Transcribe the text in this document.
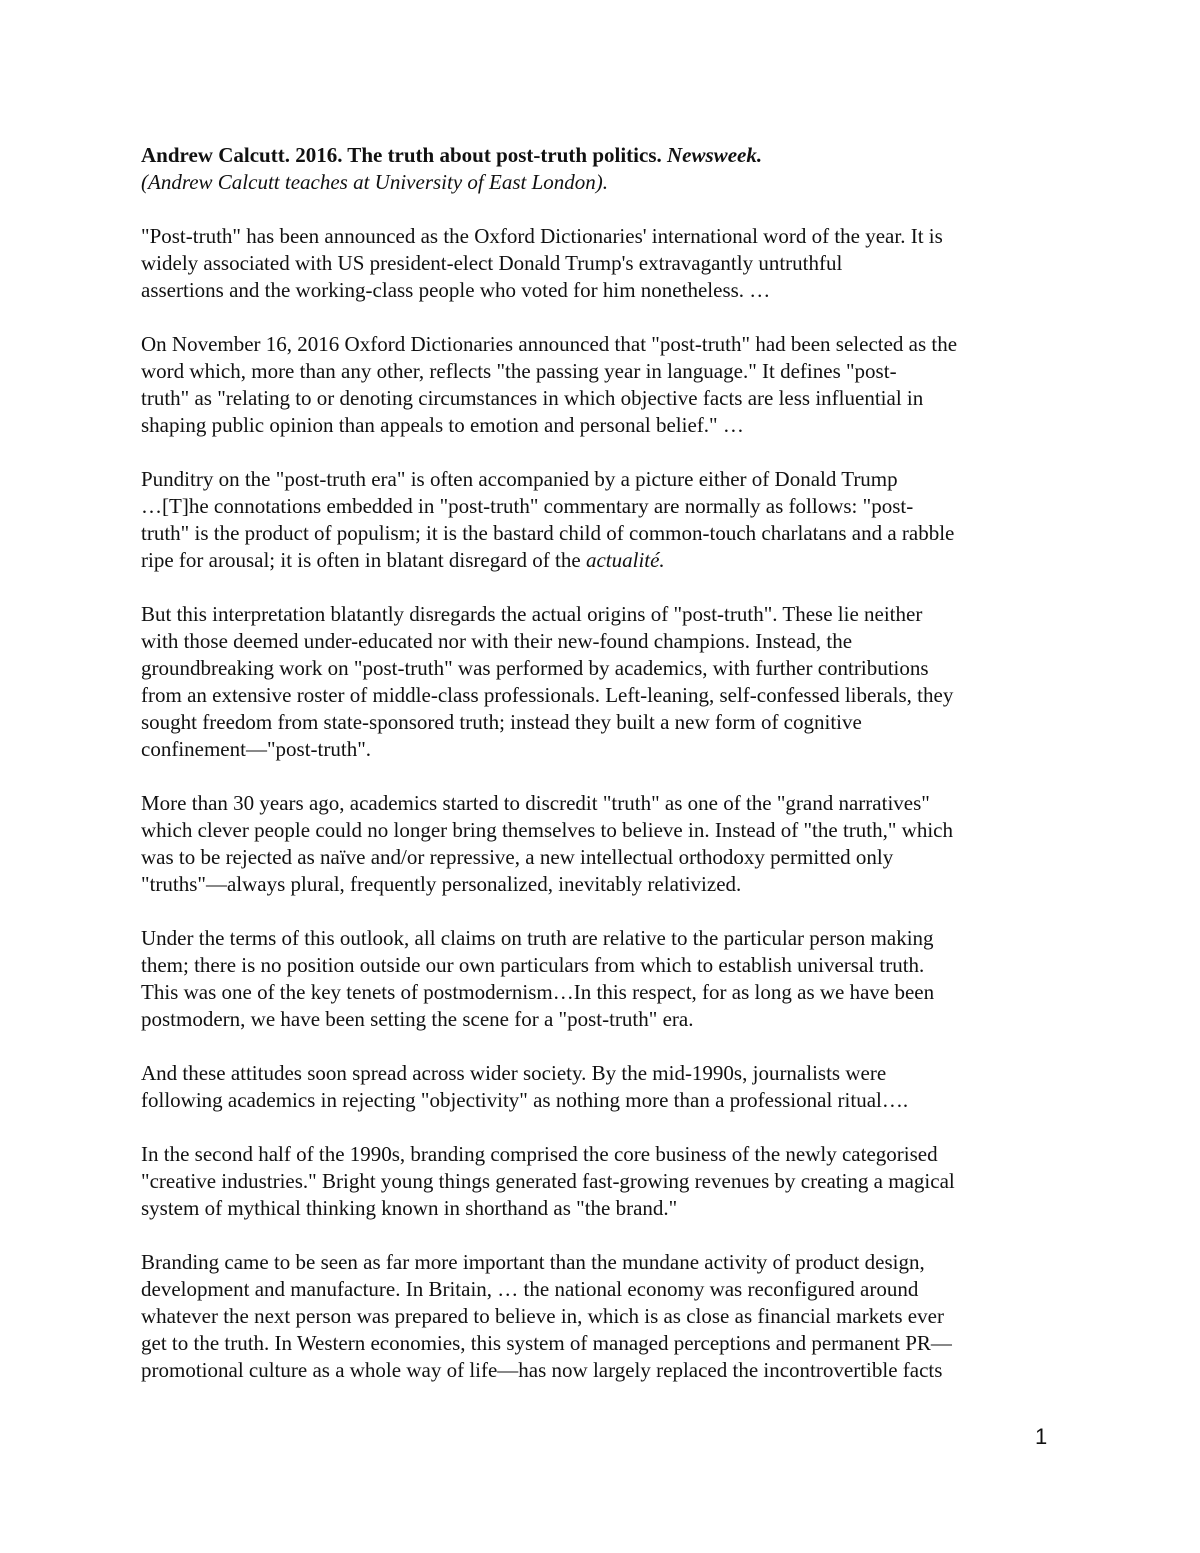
Andrew Calcutt. 2016. The truth about post-truth politics. Newsweek.

(Andrew Calcutt teaches at University of East London).

"Post-truth" has been announced as the Oxford Dictionaries' international word of the year. It is
widely associated with US president-elect Donald Trump's extravagantly untruthful
assertions and the working-class people who voted for him nonetheless. …

On November 16, 2016 Oxford Dictionaries announced that "post-truth" had been selected as the
word which, more than any other, reflects "the passing year in language." It defines "post-
truth" as "relating to or denoting circumstances in which objective facts are less influential in
shaping public opinion than appeals to emotion and personal belief." …

Punditry on the "post-truth era" is often accompanied by a picture either of Donald Trump
…[T]he connotations embedded in "post-truth" commentary are normally as follows: "post-
truth" is the product of populism; it is the bastard child of common-touch charlatans and a rabble
ripe for arousal; it is often in blatant disregard of the actualité.

But this interpretation blatantly disregards the actual origins of "post-truth". These lie neither
with those deemed under-educated nor with their new-found champions. Instead, the
groundbreaking work on "post-truth" was performed by academics, with further contributions
from an extensive roster of middle-class professionals. Left-leaning, self-confessed liberals, they
sought freedom from state-sponsored truth; instead they built a new form of cognitive
confinement—"post-truth".

More than 30 years ago, academics started to discredit "truth" as one of the "grand narratives"
which clever people could no longer bring themselves to believe in. Instead of "the truth," which
was to be rejected as naïve and/or repressive, a new intellectual orthodoxy permitted only
"truths"—always plural, frequently personalized, inevitably relativized.

Under the terms of this outlook, all claims on truth are relative to the particular person making
them; there is no position outside our own particulars from which to establish universal truth.
This was one of the key tenets of postmodernism…In this respect, for as long as we have been
postmodern, we have been setting the scene for a "post-truth" era.

And these attitudes soon spread across wider society. By the mid-1990s, journalists were
following academics in rejecting "objectivity" as nothing more than a professional ritual….

In the second half of the 1990s, branding comprised the core business of the newly categorised
"creative industries." Bright young things generated fast-growing revenues by creating a magical
system of mythical thinking known in shorthand as "the brand."

Branding came to be seen as far more important than the mundane activity of product design,
development and manufacture. In Britain, … the national economy was reconfigured around
whatever the next person was prepared to believe in, which is as close as financial markets ever
get to the truth. In Western economies, this system of managed perceptions and permanent PR—
promotional culture as a whole way of life—has now largely replaced the incontrovertible facts

1
